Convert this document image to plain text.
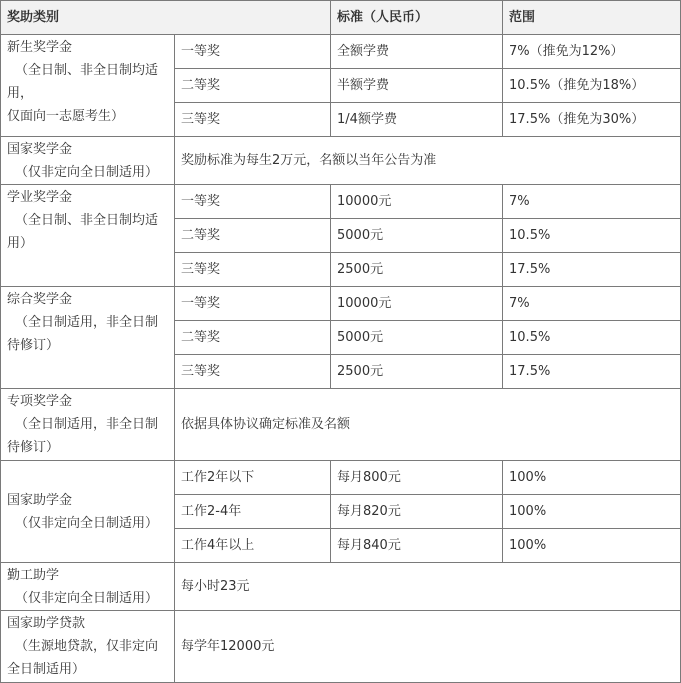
奖助类别		标准（人民币）	范围

新生奖学金
（全日制、非全日制均适
用，
仅面向一志愿考生）	一等奖	全额学费	7%（推免为12%）
	二等奖	半额学费	10.5%（推免为18%）
	三等奖	1/4额学费	17.5%（推免为30%）

国家奖学金
（仅非定向全日制适用）	奖励标准为每生2万元，名额以当年公告为准		

学业奖学金
（全日制、非全日制均适
用）	一等奖	10000元	7%
	二等奖	5000元	10.5%
	三等奖	2500元	17.5%

综合奖学金
（全日制适用，非全日制
待修订）	一等奖	10000元	7%
	二等奖	5000元	10.5%
	三等奖	2500元	17.5%

专项奖学金
（全日制适用，非全日制
待修订）	依据具体协议确定标准及名额		

国家助学金
（仅非定向全日制适用）	工作2年以下	每月800元	100%
	工作2-4年	每月820元	100%
	工作4年以上	每月840元	100%

勤工助学
（仅非定向全日制适用）	每小时23元		

国家助学贷款
（生源地贷款，仅非定向
全日制适用）	每学年12000元		
